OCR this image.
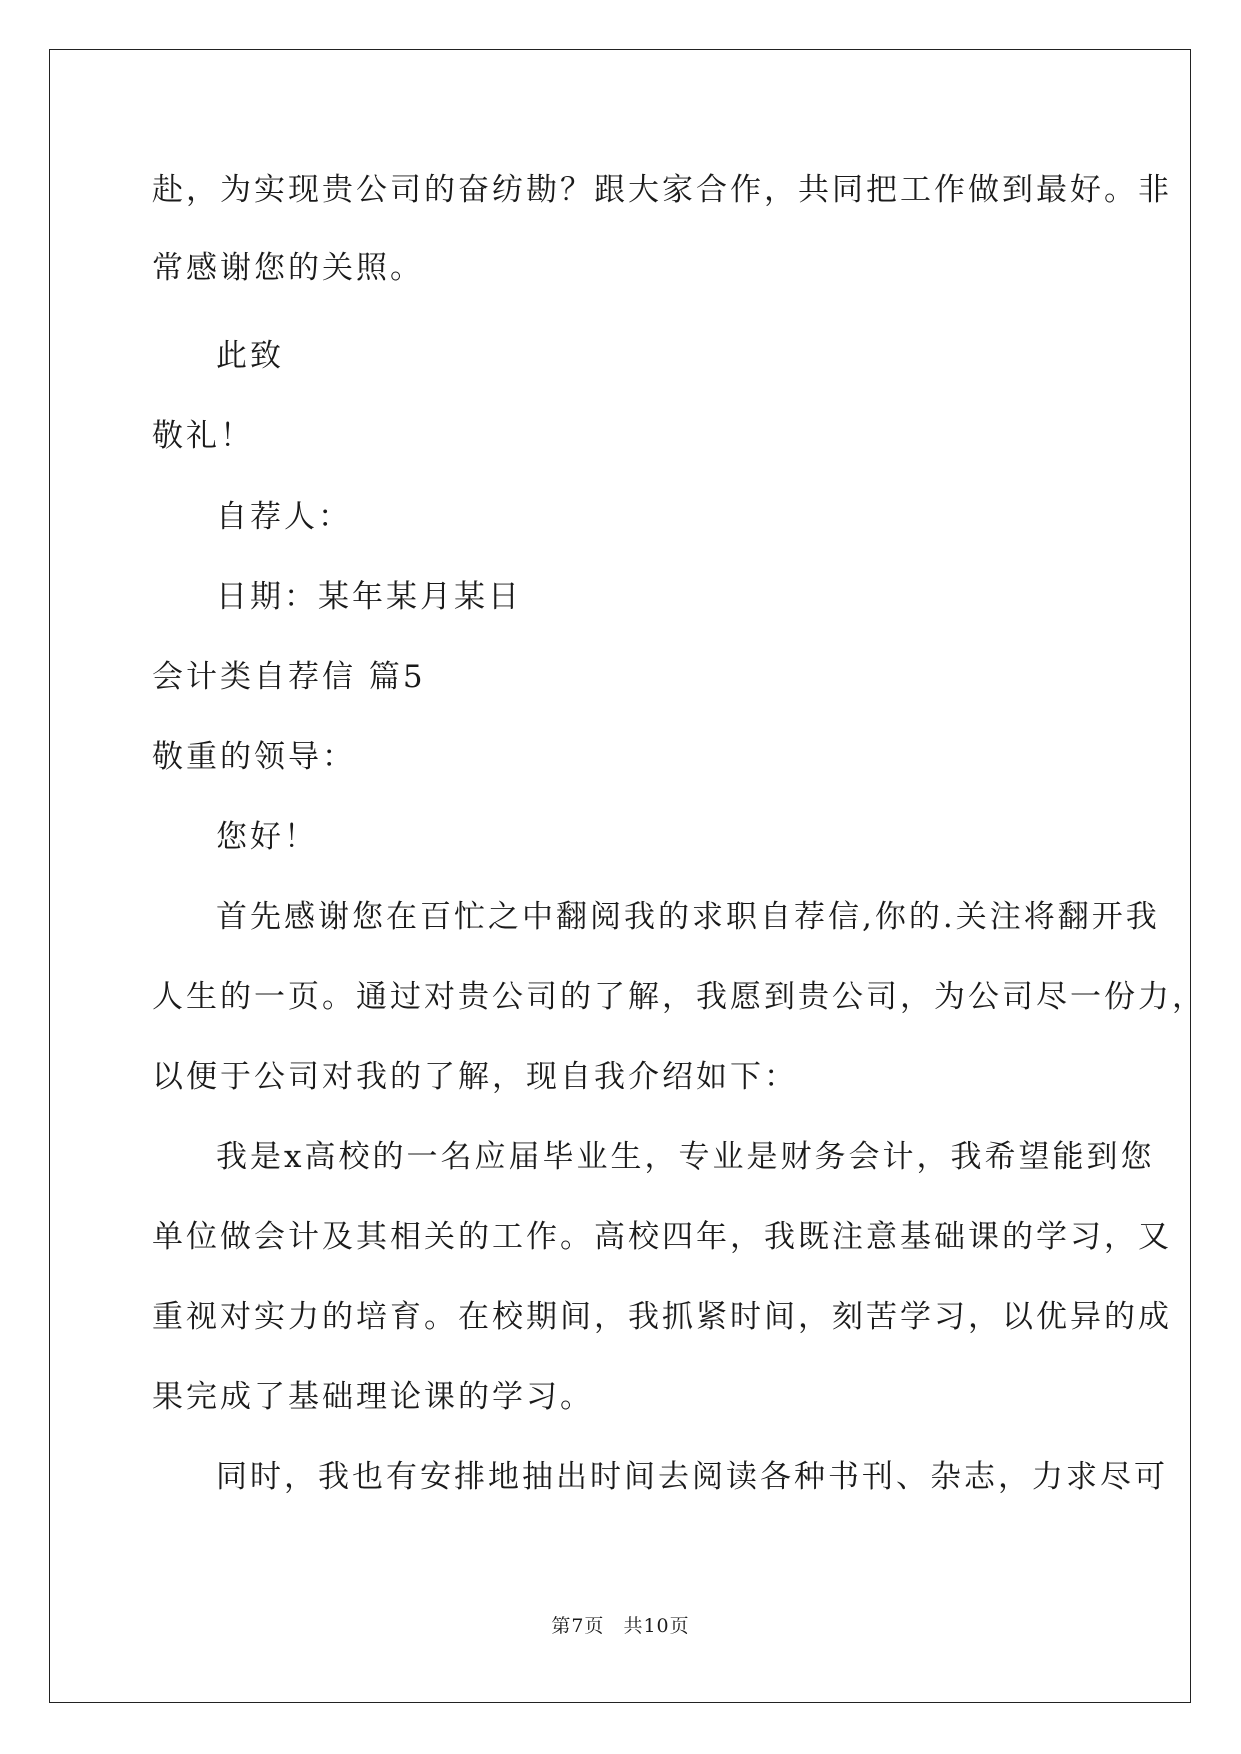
赴，为实现贵公司的奋纺勘？跟大家合作，共同把工作做到最好。非
常感谢您的关照。
此致
敬礼！
自荐人：
日期：某年某月某日
会计类自荐信 篇5
敬重的领导：
您好！
首先感谢您在百忙之中翻阅我的求职自荐信,你的.关注将翻开我
人生的一页。通过对贵公司的了解，我愿到贵公司，为公司尽一份力，
以便于公司对我的了解，现自我介绍如下：
我是x高校的一名应届毕业生，专业是财务会计，我希望能到您
单位做会计及其相关的工作。高校四年，我既注意基础课的学习，又
重视对实力的培育。在校期间，我抓紧时间，刻苦学习，以优异的成
果完成了基础理论课的学习。
同时，我也有安排地抽出时间去阅读各种书刊、杂志，力求尽可
第7页 共10页
